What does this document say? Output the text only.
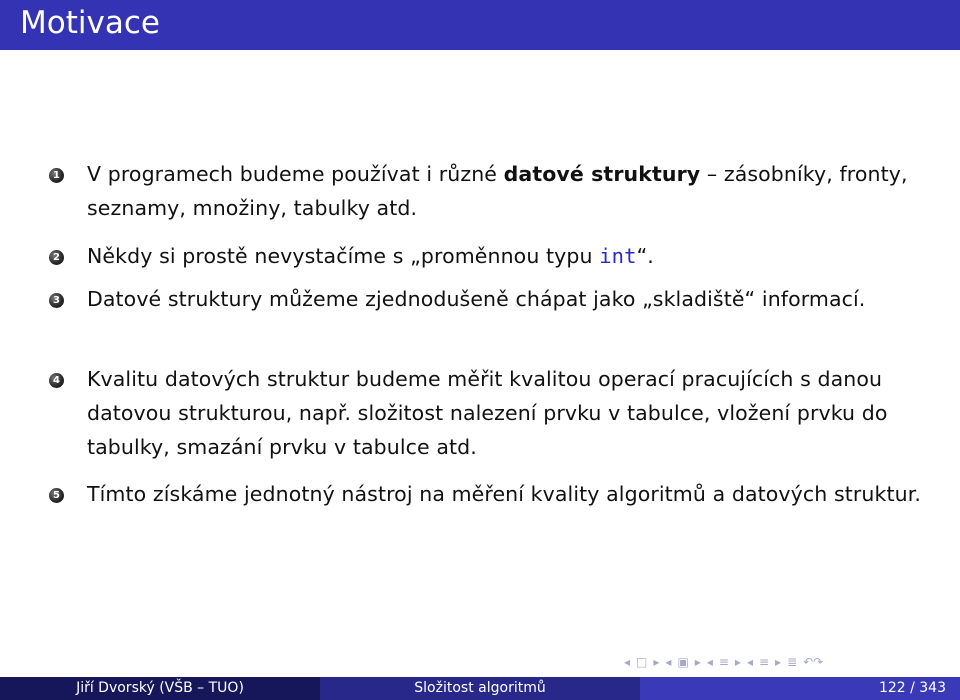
Motivace
1 V programech budeme používat i různé datové struktury – zásobníky, fronty, seznamy, množiny, tabulky atd.
2 Někdy si prostě nevystačíme s „proměnnou typu int“.
3 Datové struktury můžeme zjednodušeně chápat jako „skladiště“ informací.
4 Kvalitu datových struktur budeme měřit kvalitou operací pracujících s danou datovou strukturou, např. složitost nalezení prvku v tabulce, vložení prvku do tabulky, smazání prvku v tabulce atd.
5 Tímto získáme jednotný nástroj na měření kvality algoritmů a datových struktur.
◂ □ ▸ ◂ ▣ ▸ ◂ ≡ ▸ ◂ ≡ ▸ ≣ ↶↷
Jiří Dvorský (VŠB – TUO)	Složitost algoritmů	122 / 343
